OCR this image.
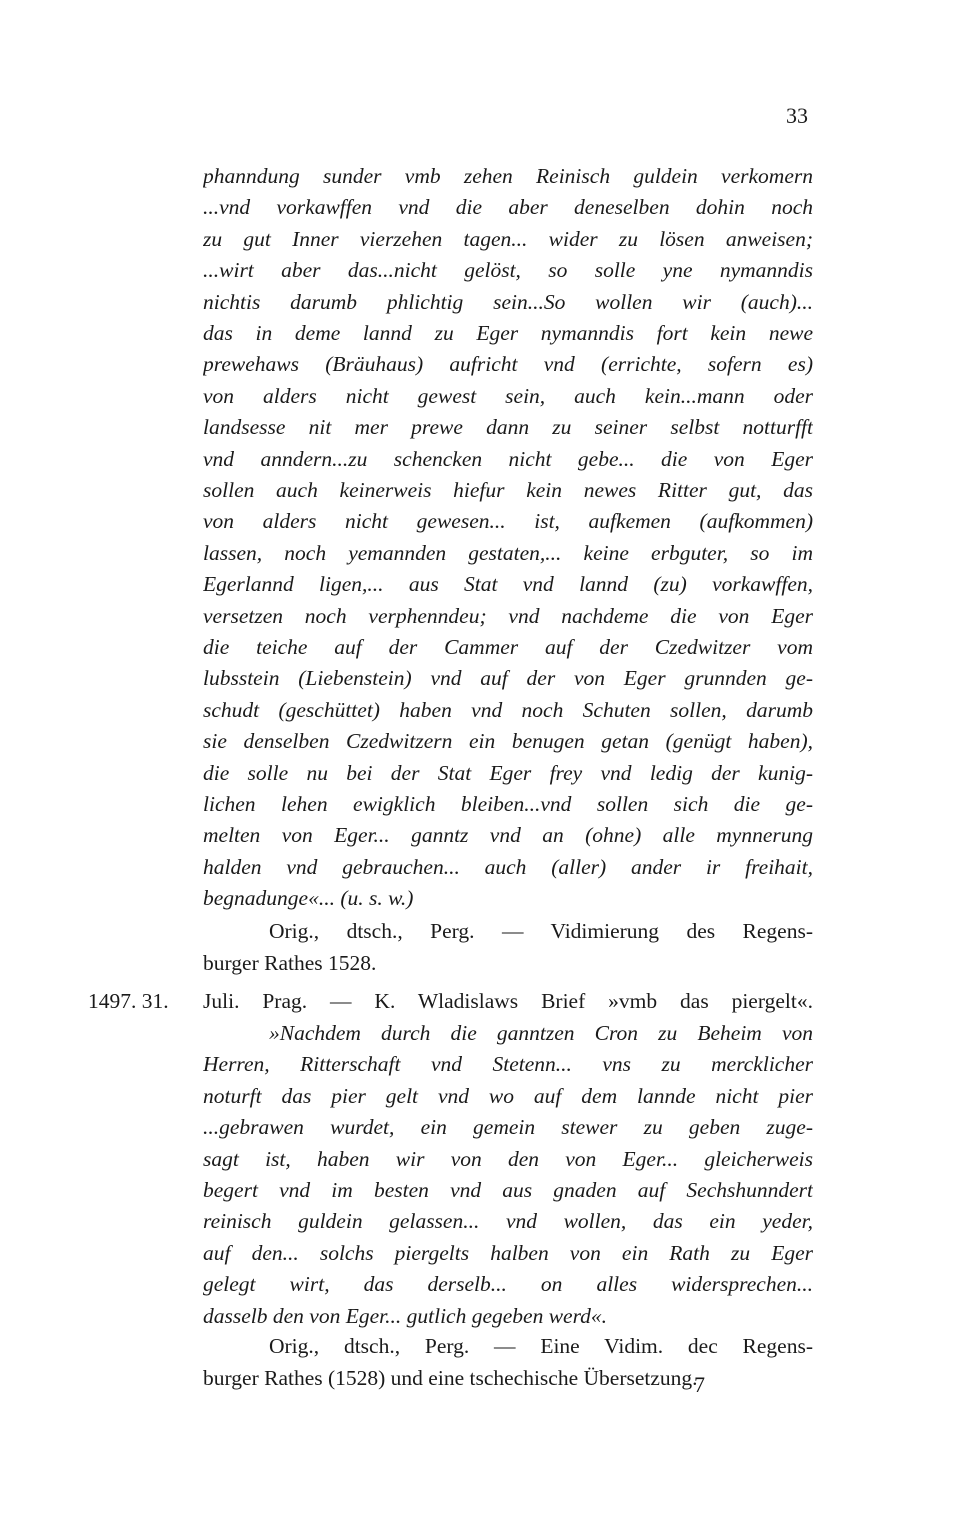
33
phanndung sunder vmb zehen Reinisch guldein verkomern
...vnd vorkawffen vnd die aber deneselben dohin noch
zu gut Inner vierzehen tagen... wider zu lösen anweisen;
...wirt aber das...nicht gelöst, so solle yne nymanndis
nichtis darumb phlichtig sein...So wollen wir (auch)...
das in deme lannd zu Eger nymanndis fort kein newe
prewehaws (Bräuhaus) aufricht vnd (errichte, sofern es)
von alders nicht gewest sein, auch kein...mann oder
landsesse nit mer prewe dann zu seiner selbst notturfft
vnd anndern...zu schencken nicht gebe... die von Eger
sollen auch keinerweis hiefur kein newes Ritter gut, das
von alders nicht gewesen... ist, aufkemen (aufkommen)
lassen, noch yemannden gestaten,... keine erbguter, so im
Egerlannd ligen,... aus Stat vnd lannd (zu) vorkawffen,
versetzen noch verphenndeu; vnd nachdeme die von Eger
die teiche auf der Cammer auf der Czedwitzer vom
lubsstein (Liebenstein) vnd auf der von Eger grunnden ge-
schudt (geschüttet) haben vnd noch Schuten sollen, darumb
sie denselben Czedwitzern ein benugen getan (genügt haben),
die solle nu bei der Stat Eger frey vnd ledig der kunig-
lichen lehen ewigklich bleiben...vnd sollen sich die ge-
melten von Eger... ganntz vnd an (ohne) alle mynnerung
halden vnd gebrauchen... auch (aller) ander ir freihait,
begnadunge«... (u. s. w.)
Orig., dtsch., Perg. — Vidimierung des Regens-
burger Rathes 1528.
1497. 31. Juli. Prag. — K. Wladislaws Brief »vmb das piergelt«.
»Nachdem durch die ganntzen Cron zu Beheim von
Herren, Ritterschaft vnd Stetenn... vns zu mercklicher
noturft das pier gelt vnd wo auf dem lannde nicht pier
...gebrawen wurdet, ein gemein stewer zu geben zuge-
sagt ist, haben wir von den von Eger... gleicherweis
begert vnd im besten vnd aus gnaden auf Sechshunndert
reinisch guldein gelassen... vnd wollen, das ein yeder,
auf den... solchs piergelts halben von ein Rath zu Eger
gelegt wirt, das derselb... on alles widersprechen...
dasselb den von Eger... gutlich gegeben werd«.
Orig., dtsch., Perg. — Eine Vidim. dec Regens-
burger Rathes (1528) und eine tschechische Übersetzung.
7
